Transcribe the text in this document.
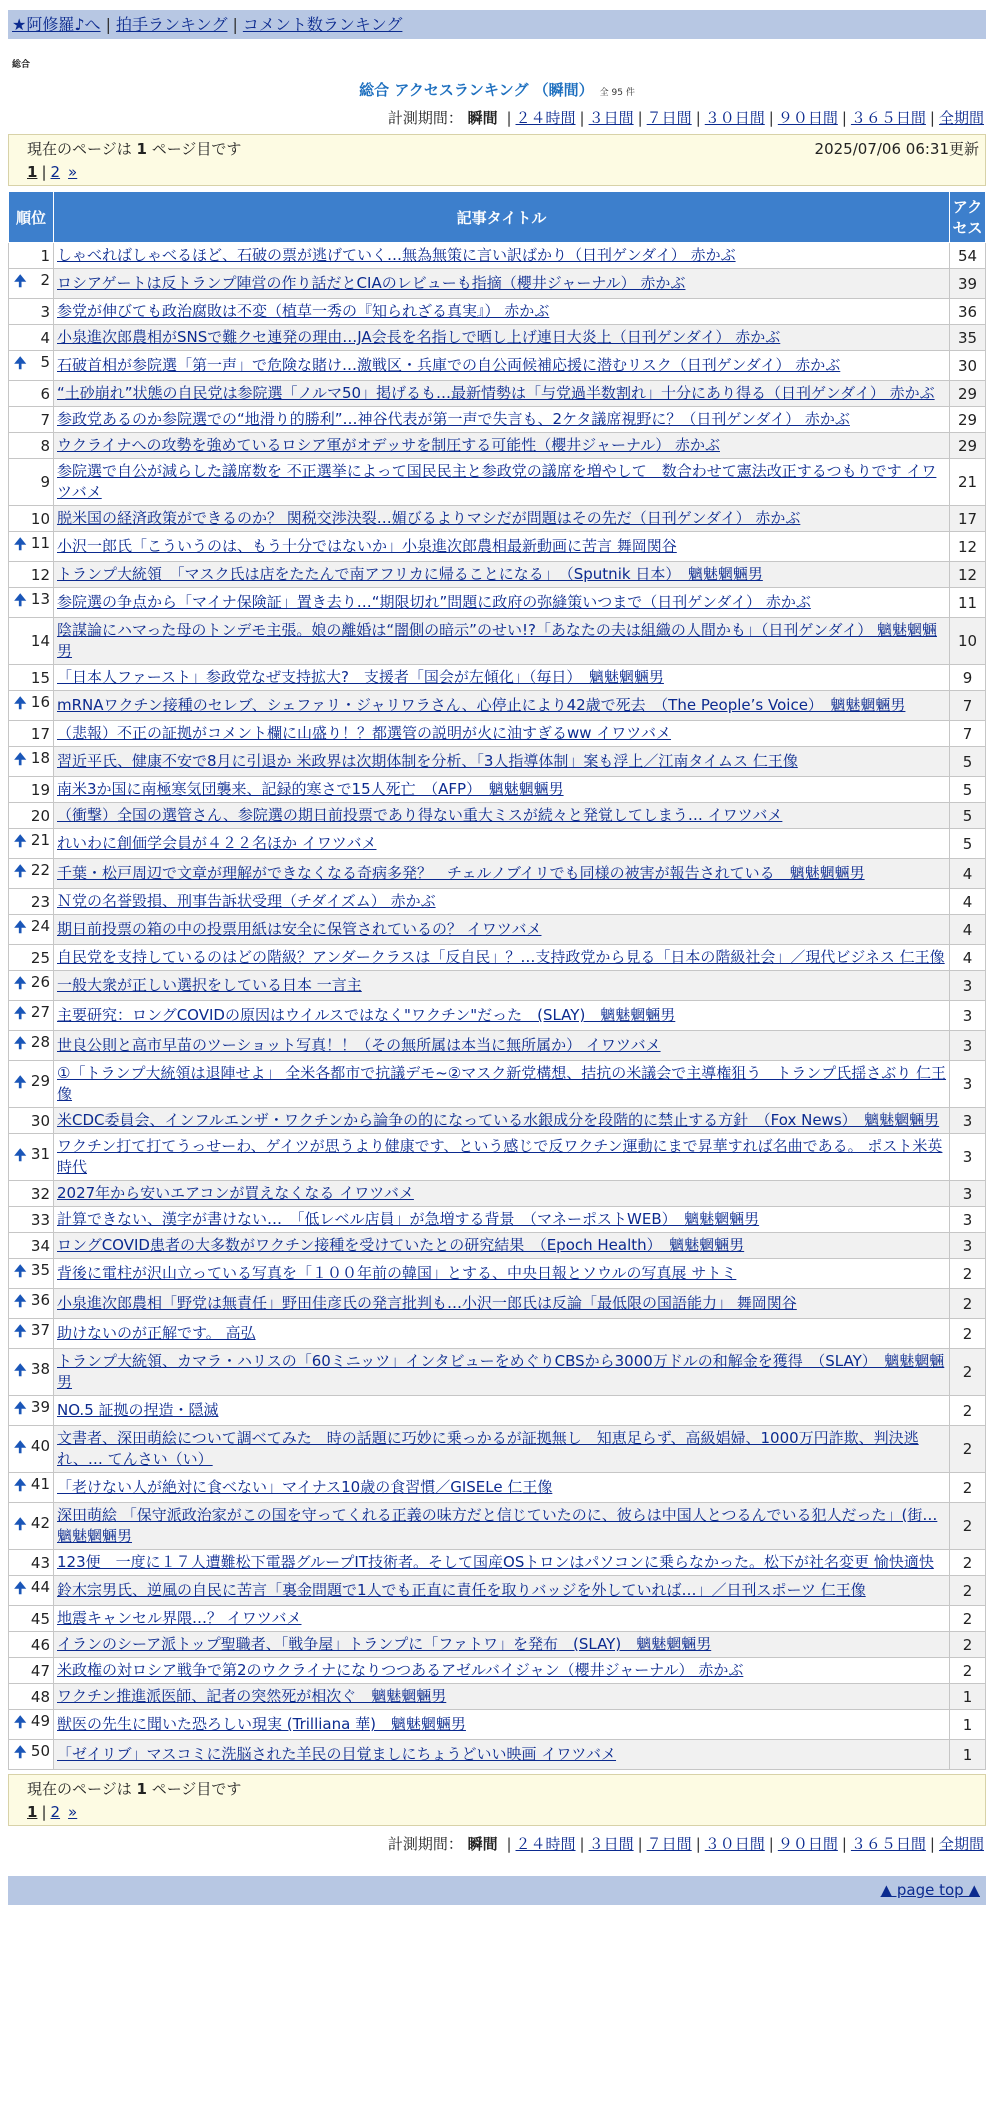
★阿修羅♪へ | 拍手ランキング | コメント数ランキング
総合
総合 アクセスランキング （瞬間） 全 95 件
計測期間： 瞬間 | ２４時間 | ３日間 | ７日間 | ３０日間 | ９０日間 | ３６５日間 | 全期間
現在のページは 1 ページ目です	2025/07/06 06:31更新
1 | 2 »
順位	記事タイトル	アクセス
1	しゃべればしゃべるほど、石破の票が逃げていく…無為無策に言い訳ばかり（日刊ゲンダイ） 赤かぶ	54

🠉 2	ロシアゲートは反トランプ陣営の作り話だとCIAのレビューも指摘（櫻井ジャーナル） 赤かぶ	39
3	参党が伸びても政治腐敗は不変（植草一秀の『知られざる真実』） 赤かぶ	36
4	小泉進次郎農相がSNSで難クセ連発の理由…JA会長を名指しで晒し上げ連日大炎上（日刊ゲンダイ） 赤かぶ	35

🠉 5	石破首相が参院選「第一声」で危険な賭け…激戦区・兵庫での自公両候補応援に潜むリスク（日刊ゲンダイ） 赤かぶ	30
6	“土砂崩れ”状態の自民党は参院選「ノルマ50」掲げるも…最新情勢は「与党過半数割れ」十分にあり得る（日刊ゲンダイ） 赤かぶ	29
7	参政党あるのか参院選での“地滑り的勝利”…神谷代表が第一声で失言も、2ケタ議席視野に？（日刊ゲンダイ） 赤かぶ	29
8	ウクライナへの攻勢を強めているロシア軍がオデッサを制圧する可能性（櫻井ジャーナル） 赤かぶ	29
9	参院選で自公が減らした議席数を 不正選挙によって国民民主と参政党の議席を増やして　数合わせて憲法改正するつもりです イワツバメ	21
10	脱米国の経済政策ができるのか？ 関税交渉決裂…媚びるよりマシだが問題はその先だ（日刊ゲンダイ） 赤かぶ	17

🠉 11	小沢一郎氏「こういうのは、もう十分ではないか」小泉進次郎農相最新動画に苦言 舞岡関谷	12
12	トランプ大統領　「マスク氏は店をたたんで南アフリカに帰ることになる」　（Sputnik 日本）　魑魅魍魎男	12

🠉 13	参院選の争点から「マイナ保険証」置き去り…“期限切れ”問題に政府の弥縫策いつまで（日刊ゲンダイ） 赤かぶ	11
14	陰謀論にハマった母のトンデモ主張。娘の離婚は“闇側の暗示”のせい!?「あなたの夫は組織の人間かも」（日刊ゲンダイ） 魑魅魍魎男	10
15	「日本人ファースト」参政党なぜ支持拡大?　支援者「国会が左傾化」（毎日）　魑魅魍魎男	9

🠉 16	mRNAワクチン接種のセレブ、シェファリ・ジャリワラさん、心停止により42歳で死去　（The People’s Voice）　魑魅魍魎男	7
17	（悲報）不正の証拠がコメント欄に山盛り！？都選管の説明が火に油すぎるww イワツバメ	7

🠉 18	習近平氏、健康不安で8月に引退か 米政界は次期体制を分析、「3人指導体制」案も浮上／江南タイムス 仁王像	5
19	南米3か国に南極寒気団襲来、記録的寒さで15人死亡　（AFP）　魑魅魍魎男	5
20	（衝撃）全国の選管さん、参院選の期日前投票であり得ない重大ミスが続々と発覚してしまう… イワツバメ	5

🠉 21	れいわに創価学会員が４２２名ほか イワツバメ	5

🠉 22	千葉・松戸周辺で文章が理解ができなくなる奇病多発？　チェルノブイリでも同様の被害が報告されている　魑魅魍魎男	4
23	Ｎ党の名誉毀損、刑事告訴状受理（チダイズム） 赤かぶ	4

🠉 24	期日前投票の箱の中の投票用紙は安全に保管されているの？ イワツバメ	4
25	自民党を支持しているのはどの階級？アンダークラスは「反自民」？…支持政党から見る「日本の階級社会」／現代ビジネス 仁王像	4

🠉 26	一般大衆が正しい選択をしている日本 一言主	3

🠉 27	主要研究：ロングCOVIDの原因はウイルスではなく"ワクチン"だった　(SLAY)　魑魅魍魎男	3

🠉 28	世良公則と高市早苗のツーショット写真！！（その無所属は本当に無所属か） イワツバメ	3

🠉 29	①「トランプ大統領は退陣せよ」 全米各都市で抗議デモ~②マスク新党構想、拮抗の米議会で主導権狙う　トランプ氏揺さぶり 仁王像	3
30	米CDC委員会、インフルエンザ・ワクチンから論争の的になっている水銀成分を段階的に禁止する方針　（Fox News）　魑魅魍魎男	3

🠉 31	ワクチン打て打てうっせーわ、ゲイツが思うより健康です、という感じで反ワクチン運動にまで昇華すれば名曲である。 ポスト米英時代	3
32	2027年から安いエアコンが買えなくなる イワツバメ	3
33	計算できない、漢字が書けない…　「低レベル店員」が急増する背景　（マネーポストWEB）　魑魅魍魎男	3
34	ロングCOVID患者の大多数がワクチン接種を受けていたとの研究結果　（Epoch Health）　魑魅魍魎男	3

🠉 35	背後に電柱が沢山立っている写真を「１００年前の韓国」とする、中央日報とソウルの写真展 サトミ	2

🠉 36	小泉進次郎農相「野党は無責任」野田佳彦氏の発言批判も…小沢一郎氏は反論「最低限の国語能力」 舞岡関谷	2

🠉 37	助けないのが正解です。 高弘	2

🠉 38	トランプ大統領、カマラ・ハリスの「60ミニッツ」インタビューをめぐりCBSから3000万ドルの和解金を獲得　（SLAY）　魑魅魍魎男	2

🠉 39	NO.5 証拠の捏造・隠滅	2

🠉 40	文書者、深田萌絵について調べてみた　時の話題に巧妙に乗っかるが証拠無し　知恵足らず、高級娼婦、1000万円詐欺、判決逃れ、… てんさい（い）	2

🠉 41	「老けない人が絶対に食べない」マイナス10歳の食習慣／GISELe 仁王像	2

🠉 42	深田萌絵 「保守派政治家がこの国を守ってくれる正義の味方だと信じていたのに、彼らは中国人とつるんでいる犯人だった」(街… 魑魅魍魎男	2
43	123便　一度に１７人遭難松下電器グループIT技術者。そして国産OSトロンはパソコンに乗らなかった。松下が社名変更 愉快適快	2

🠉 44	鈴木宗男氏、逆風の自民に苦言「裏金問題で1人でも正直に責任を取りバッジを外していれば…」／日刊スポーツ 仁王像	2
45	地震キャンセル界隈…？ イワツバメ	2
46	イランのシーア派トップ聖職者、「戦争屋」トランプに「ファトワ」を発布　(SLAY)　魑魅魍魎男	2
47	米政権の対ロシア戦争で第2のウクライナになりつつあるアゼルバイジャン（櫻井ジャーナル） 赤かぶ	2
48	ワクチン推進派医師、記者の突然死が相次ぐ　魑魅魍魎男	1

🠉 49	獣医の先生に聞いた恐ろしい現実 (Trilliana 華)　魑魅魍魎男	1

🠉 50	「ゼイリブ」マスコミに洗脳された羊民の目覚ましにちょうどいい映画 イワツバメ	1
現在のページは 1 ページ目です
1 | 2 »
計測期間： 瞬間 | ２４時間 | ３日間 | ７日間 | ３０日間 | ９０日間 | ３６５日間 | 全期間
▲ page top ▲
